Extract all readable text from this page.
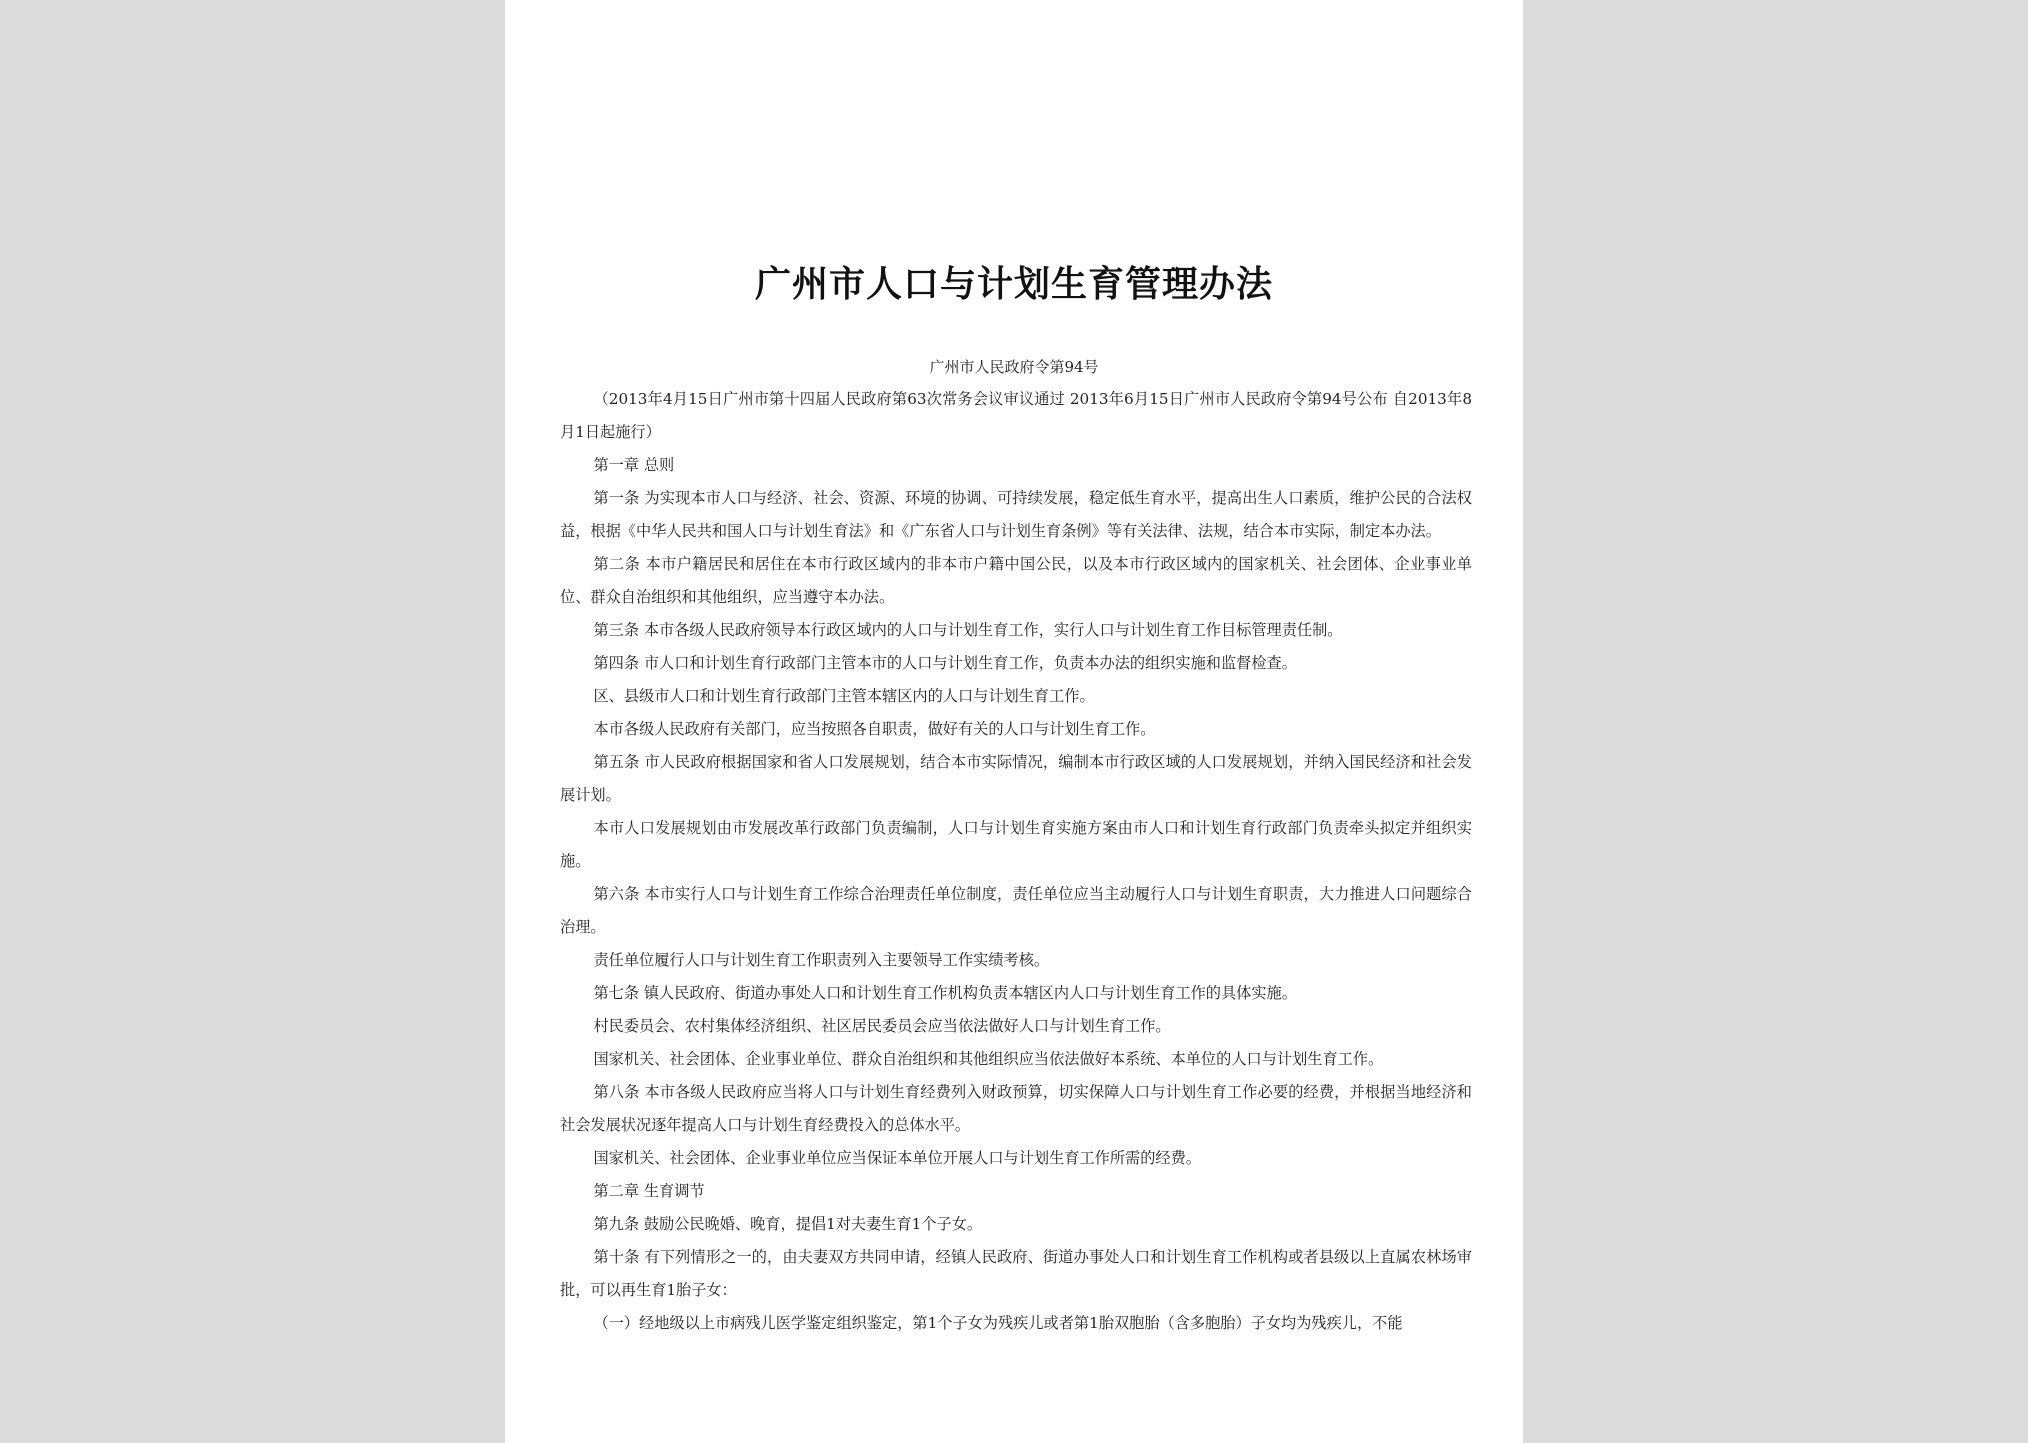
广州市人口与计划生育管理办法
广州市人民政府令第94号

（2013年4月15日广州市第十四届人民政府第63次常务会议审议通过 2013年6月15日广州市人民政府令第94号公布 自2013年8月1日起施行）

第一章 总则

第一条 为实现本市人口与经济、社会、资源、环境的协调、可持续发展，稳定低生育水平，提高出生人口素质，维护公民的合法权益，根据《中华人民共和国人口与计划生育法》和《广东省人口与计划生育条例》等有关法律、法规，结合本市实际，制定本办法。

第二条 本市户籍居民和居住在本市行政区域内的非本市户籍中国公民，以及本市行政区域内的国家机关、社会团体、企业事业单位、群众自治组织和其他组织，应当遵守本办法。

第三条 本市各级人民政府领导本行政区域内的人口与计划生育工作，实行人口与计划生育工作目标管理责任制。

第四条 市人口和计划生育行政部门主管本市的人口与计划生育工作，负责本办法的组织实施和监督检查。

区、县级市人口和计划生育行政部门主管本辖区内的人口与计划生育工作。

本市各级人民政府有关部门，应当按照各自职责，做好有关的人口与计划生育工作。

第五条 市人民政府根据国家和省人口发展规划，结合本市实际情况，编制本市行政区域的人口发展规划，并纳入国民经济和社会发展计划。

本市人口发展规划由市发展改革行政部门负责编制，人口与计划生育实施方案由市人口和计划生育行政部门负责牵头拟定并组织实施。

第六条 本市实行人口与计划生育工作综合治理责任单位制度，责任单位应当主动履行人口与计划生育职责，大力推进人口问题综合治理。

责任单位履行人口与计划生育工作职责列入主要领导工作实绩考核。

第七条 镇人民政府、街道办事处人口和计划生育工作机构负责本辖区内人口与计划生育工作的具体实施。

村民委员会、农村集体经济组织、社区居民委员会应当依法做好人口与计划生育工作。

国家机关、社会团体、企业事业单位、群众自治组织和其他组织应当依法做好本系统、本单位的人口与计划生育工作。

第八条 本市各级人民政府应当将人口与计划生育经费列入财政预算，切实保障人口与计划生育工作必要的经费，并根据当地经济和社会发展状况逐年提高人口与计划生育经费投入的总体水平。

国家机关、社会团体、企业事业单位应当保证本单位开展人口与计划生育工作所需的经费。

第二章 生育调节

第九条 鼓励公民晚婚、晚育，提倡1对夫妻生育1个子女。

第十条 有下列情形之一的，由夫妻双方共同申请，经镇人民政府、街道办事处人口和计划生育工作机构或者县级以上直属农林场审批，可以再生育1胎子女：

（一）经地级以上市病残儿医学鉴定组织鉴定，第1个子女为残疾儿或者第1胎双胞胎（含多胞胎）子女均为残疾儿，不能
